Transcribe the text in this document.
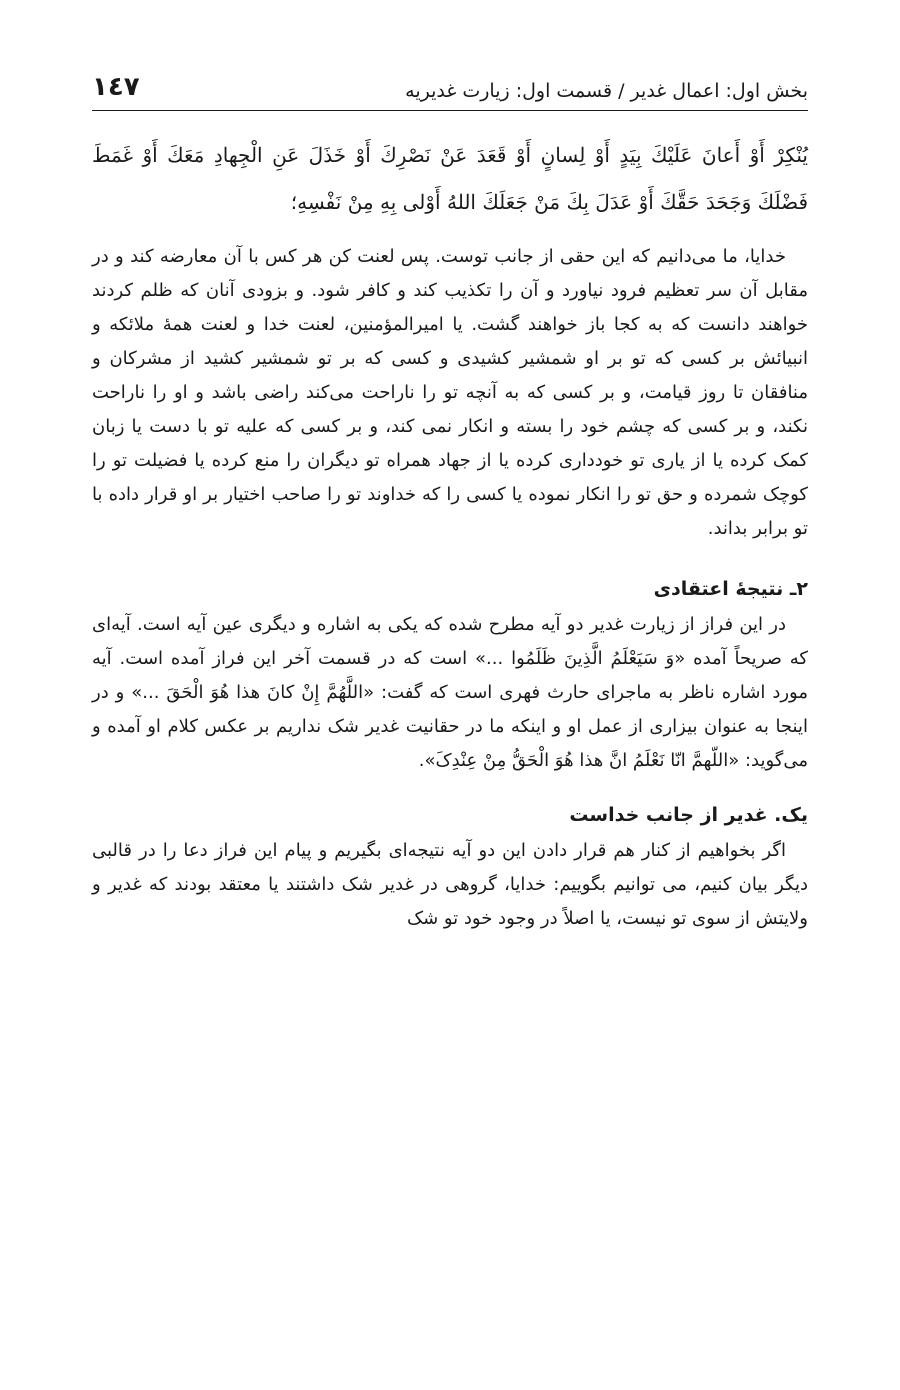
بخش اول: اعمال غدیر / قسمت اول: زیارت غدیریه
١٤٧
يُنْكِرْ أَوْ أَعانَ عَلَيْكَ بِيَدٍ أَوْ لِسانٍ أَوْ قَعَدَ عَنْ نَصْرِكَ أَوْ خَذَلَ عَنِ الْجِهادِ مَعَكَ أَوْ غَمَطَ فَضْلَكَ وَجَحَدَ حَقَّكَ أَوْ عَدَلَ بِكَ مَنْ جَعَلَكَ اللهُ أَوْلى بِهِ مِنْ نَفْسِهِ؛

خدایا، ما می‌دانیم که این حقی از جانب توست. پس لعنت کن هر کس با آن معارضه کند و در مقابل آن سر تعظیم فرود نیاورد و آن را تکذیب کند و کافر شود. و بزودی آنان که ظلم کردند خواهند دانست که به کجا باز خواهند گشت. یا امیرالمؤمنین، لعنت خدا و لعنت همهٔ ملائکه و انبیائش بر کسی که تو بر او شمشیر کشیدی و کسی که بر تو شمشیر کشید از مشرکان و منافقان تا روز قیامت، و بر کسی که به آنچه تو را ناراحت می‌کند راضی باشد و او را ناراحت نکند، و بر کسی که چشم خود را بسته و انکار نمی کند، و بر کسی که علیه تو با دست یا زبان کمک کرده یا از یاری تو خودداری کرده یا از جهاد همراه تو دیگران را منع کرده یا فضیلت تو را کوچک شمرده و حق تو را انکار نموده یا کسی را که خداوند تو را صاحب اختیار بر او قرار داده با تو برابر بداند.

٢ـ نتیجهٔ اعتقادی

در این فراز از زیارت غدیر دو آیه مطرح شده که یکی به اشاره و دیگری عین آیه است. آیه‌ای که صریحاً آمده «وَ سَیَعْلَمُ الَّذِینَ ظَلَمُوا ...» است که در قسمت آخر این فراز آمده است. آیه مورد اشاره ناظر به ماجرای حارث فهری است که گفت: «اللَّهُمَّ إِنْ کانَ هذا هُوَ الْحَقَ ...» و در اینجا به عنوان بیزاری از عمل او و اینکه ما در حقانیت غدیر شک نداریم بر عکس کلام او آمده و می‌گوید: «اللّهمَّ انّا نَعْلَمُ انَّ هذا هُوَ الْحَقُّ مِنْ عِنْدِکَ».

یک. غدیر از جانب خداست

اگر بخواهیم از کنار هم قرار دادن این دو آیه نتیجه‌ای بگیریم و پیام این فراز دعا را در قالبی دیگر بیان کنیم، می توانیم بگوییم: خدایا، گروهی در غدیر شک داشتند یا معتقد بودند که غدیر و ولایتش از سوی تو نیست، یا اصلاً در وجود خود تو شک
